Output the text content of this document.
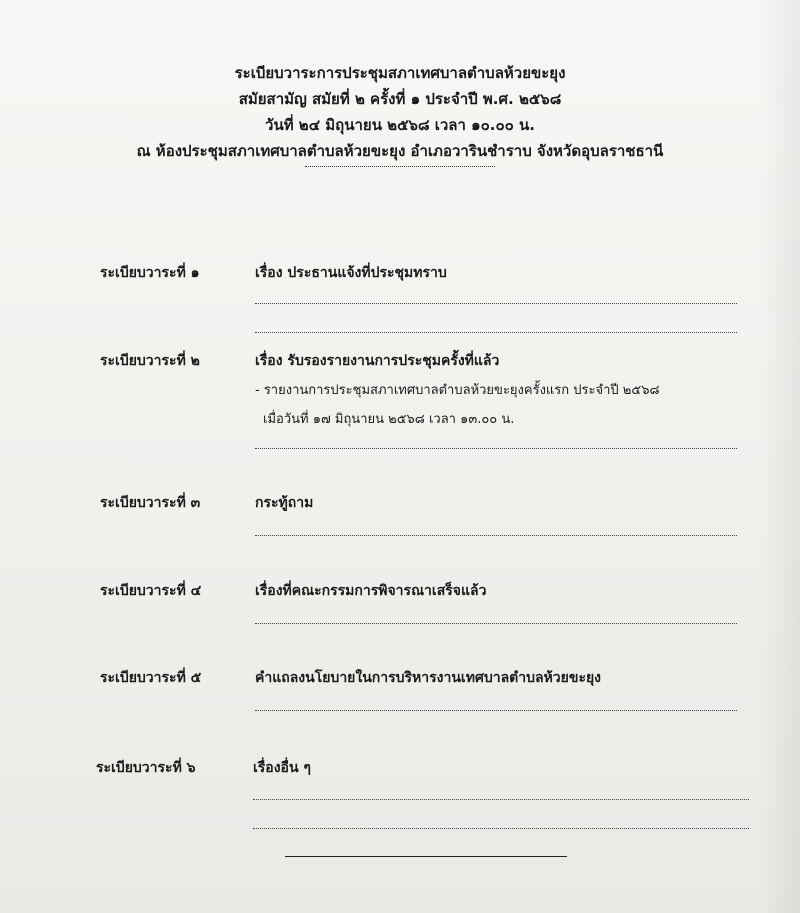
ระเบียบวาระการประชุมสภาเทศบาลตำบลห้วยขะยุง
สมัยสามัญ สมัยที่ ๒ ครั้งที่ ๑ ประจำปี พ.ศ. ๒๕๖๘
วันที่ ๒๔ มิถุนายน ๒๕๖๘ เวลา ๑๐.๐๐ น.
ณ ห้องประชุมสภาเทศบาลตำบลห้วยขะยุง อำเภอวารินชำราบ จังหวัดอุบลราชธานี
ระเบียบวาระที่ ๑	เรื่อง ประธานแจ้งที่ประชุมทราบ
ระเบียบวาระที่ ๒	เรื่อง รับรองรายงานการประชุมครั้งที่แล้ว
- รายงานการประชุมสภาเทศบาลตำบลห้วยขะยุงครั้งแรก ประจำปี ๒๕๖๘
เมื่อวันที่ ๑๗ มิถุนายน ๒๕๖๘ เวลา ๑๓.๐๐ น.
ระเบียบวาระที่ ๓	กระทู้ถาม
ระเบียบวาระที่ ๔	เรื่องที่คณะกรรมการพิจารณาเสร็จแล้ว
ระเบียบวาระที่ ๕	คำแถลงนโยบายในการบริหารงานเทศบาลตำบลห้วยขะยุง
ระเบียบวาระที่ ๖	เรื่องอื่น ๆ
